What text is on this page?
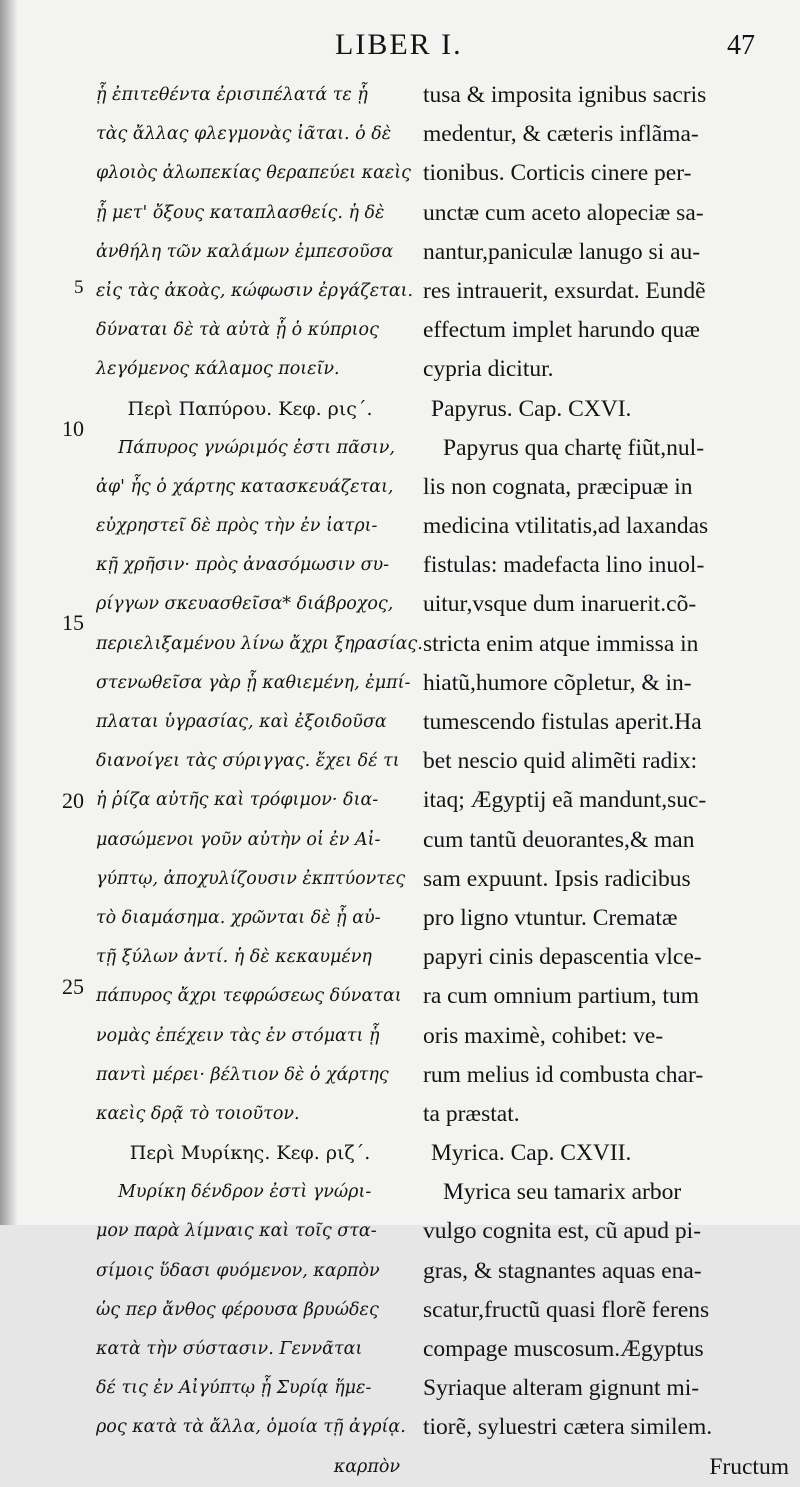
LIBER I.	47
5
10
15
20
25
ᾗ ἐπιτεθέντα ἐρισιπέλατά τε ᾗ
τὰς ἄλλας φλεγμονὰς ἰᾶται. ὁ δὲ
φλοιὸς ἀλωπεκίας θεραπεύει καεὶς
ᾗ μετ' ὄξους καταπλασθείς. ἡ δὲ
ἀνθήλη τῶν καλάμων ἐμπεσοῦσα
εἰς τὰς ἀκοὰς, κώφωσιν ἐργάζεται.
δύναται δὲ τὰ αὐτὰ ᾗ ὁ κύπριος
λεγόμενος κάλαμος ποιεῖν.
Περὶ Παπύρου. Κεφ. ρις΄.
Πάπυρος γνώριμός ἐστι πᾶσιν,
ἀφ' ἧς ὁ χάρτης κατασκευάζεται,
εὐχρηστεῖ δὲ πρὸς τὴν ἐν ἰατρι-
κῇ χρῆσιν· πρὸς ἀνασόμωσιν συ-
ρίγγων σκευασθεῖσα* διάβροχος,
περιελιξαμένου λίνω ἄχρι ξηρασίας.
στενωθεῖσα γὰρ ᾗ καθιεμένη, ἐμπί-
πλαται ὑγρασίας, καὶ ἐξοιδοῦσα
διανοίγει τὰς σύριγγας. ἔχει δέ τι
ἡ ῥίζα αὐτῆς καὶ τρόφιμον· δια-
μασώμενοι γοῦν αὐτὴν οἱ ἐν Αἰ-
γύπτῳ, ἀποχυλίζουσιν ἐκπτύοντες
τὸ διαμάσημα. χρῶνται δὲ ᾗ αὐ-
τῇ ξύλων ἀντί. ἡ δὲ κεκαυμένη
πάπυρος ἄχρι τεφρώσεως δύναται
νομὰς ἐπέχειν τὰς ἐν στόματι ᾗ
παντὶ μέρει· βέλτιον δὲ ὁ χάρτης
καεὶς δρᾷ τὸ τοιοῦτον.
Περὶ Μυρίκης. Κεφ. ριζ΄.
Μυρίκη δένδρον ἐστὶ γνώρι-
μον παρὰ λίμναις καὶ τοῖς στα-
σίμοις ὕδασι φυόμενον, καρπὸν
ὡς περ ἄνθος φέρουσα βρυώδες
κατὰ τὴν σύστασιν. Γεννᾶται
δέ τις ἐν Αἰγύπτῳ ᾗ Συρίᾳ ἥμε-
ρος κατὰ τὰ ἄλλα, ὁμοία τῇ ἀγρίᾳ.
καρπὸν
tusa & imposita ignibus sacris
medentur, & cæteris inflãma-
tionibus. Corticis cinere per-
unctæ cum aceto alopeciæ sa-
nantur,paniculæ lanugo si au-
res intrauerit, exsurdat. Eundẽ
effectum implet harundo quæ
cypria dicitur.
Papyrus. Cap. CXVI.
Papyrus qua chartę fiũt,nul-
lis non cognata, præcipuæ in
medicina vtilitatis,ad laxandas
fistulas: madefacta lino inuol-
uitur,vsque dum inaruerit.cõ-
stricta enim atque immissa in
hiatũ,humore cõpletur, & in-
tumescendo fistulas aperit.Ha
bet nescio quid alimẽti radix:
itaq; Ægyptij eã mandunt,suc-
cum tantũ deuorantes,& man
sam expuunt. Ipsis radicibus
pro ligno vtuntur. Crematæ
papyri cinis depascentia vlce-
ra cum omnium partium, tum
oris maximè, cohibet: ve-
rum melius id combusta char-
ta præstat.
Myrica. Cap. CXVII.
Myrica seu tamarix arbor
vulgo cognita est, cũ apud pi-
gras, & stagnantes aquas ena-
scatur,fructũ quasi florẽ ferens
compage muscosum.Ægyptus
Syriaque alteram gignunt mi-
tiorẽ, syluestri cætera similem.
Fructum
